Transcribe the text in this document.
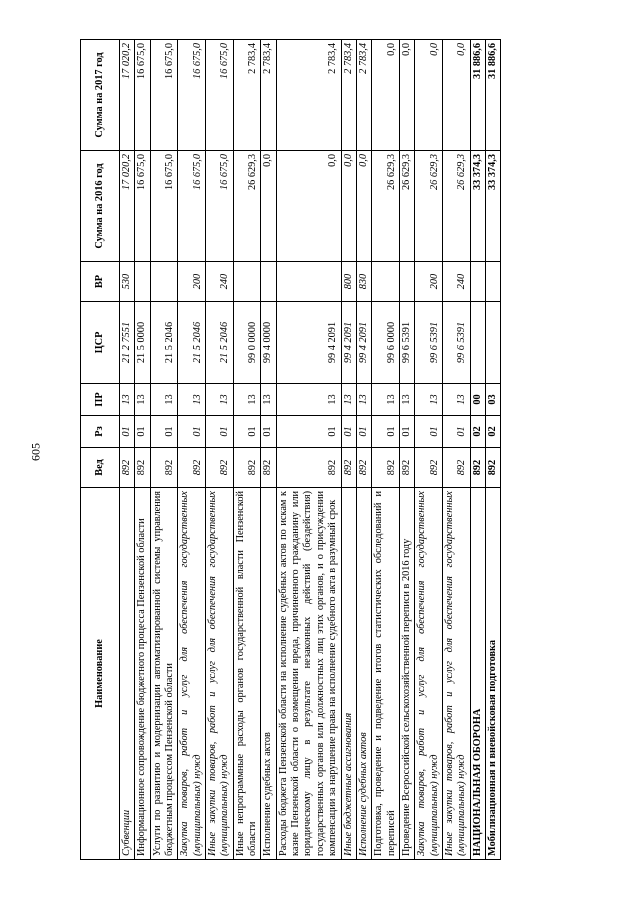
605
Наименование	Вед	Рз	ПР	ЦСР	ВР	Сумма на 2016 год	Сумма на 2017 год
Субвенции	892	01	13	21 2 7551	530	17 020,2	17 020,2
Информационное сопровождение бюджетного процесса Пензенской области	892	01	13	21 5 0000		16 675,0	16 675,0
Услуги по развитию и модернизации автоматизированной системы управления бюджетным процессом Пензенской области	892	01	13	21 5 2046		16 675,0	16 675,0
Закупка товаров, работ и услуг для обеспечения государственных (муниципальных) нужд	892	01	13	21 5 2046	200	16 675,0	16 675,0
Иные закупки товаров, работ и услуг для обеспечения государственных (муниципальных) нужд	892	01	13	21 5 2046	240	16 675,0	16 675,0
Иные непрограммные расходы органов государственной власти Пензенской области	892	01	13	99 0 0000		26 629,3	2 783,4
Исполнение судебных актов	892	01	13	99 4 0000		0,0	2 783,4
Расходы бюджета Пензенской области на исполнение судебных актов по искам к казне Пензенской области о возмещении вреда, причиненного гражданину или юридическому лицу в результате незаконных действий (бездействия) государственных органов или должностных лиц этих органов, и о присуждении компенсации за нарушение права на исполнение судебного акта в разумный срок	892	01	13	99 4 2091		0,0	2 783,4
Иные бюджетные ассигнования	892	01	13	99 4 2091	800	0,0	2 783,4
Исполнение судебных актов	892	01	13	99 4 2091	830	0,0	2 783,4
Подготовка, проведение и подведение итогов статистических обследований и переписей	892	01	13	99 6 0000		26 629,3	0,0
Проведение Всероссийской сельскохозяйственной переписи в 2016 году	892	01	13	99 6 5391		26 629,3	0,0
Закупка товаров, работ и услуг для обеспечения государственных (муниципальных) нужд	892	01	13	99 6 5391	200	26 629,3	0,0
Иные закупки товаров, работ и услуг для обеспечения государственных (муниципальных) нужд	892	01	13	99 6 5391	240	26 629,3	0,0
НАЦИОНАЛЬНАЯ ОБОРОНА	892	02	00			33 374,3	31 886,6
Мобилизационная и вневойсковая подготовка	892	02	03			33 374,3	31 886,6
